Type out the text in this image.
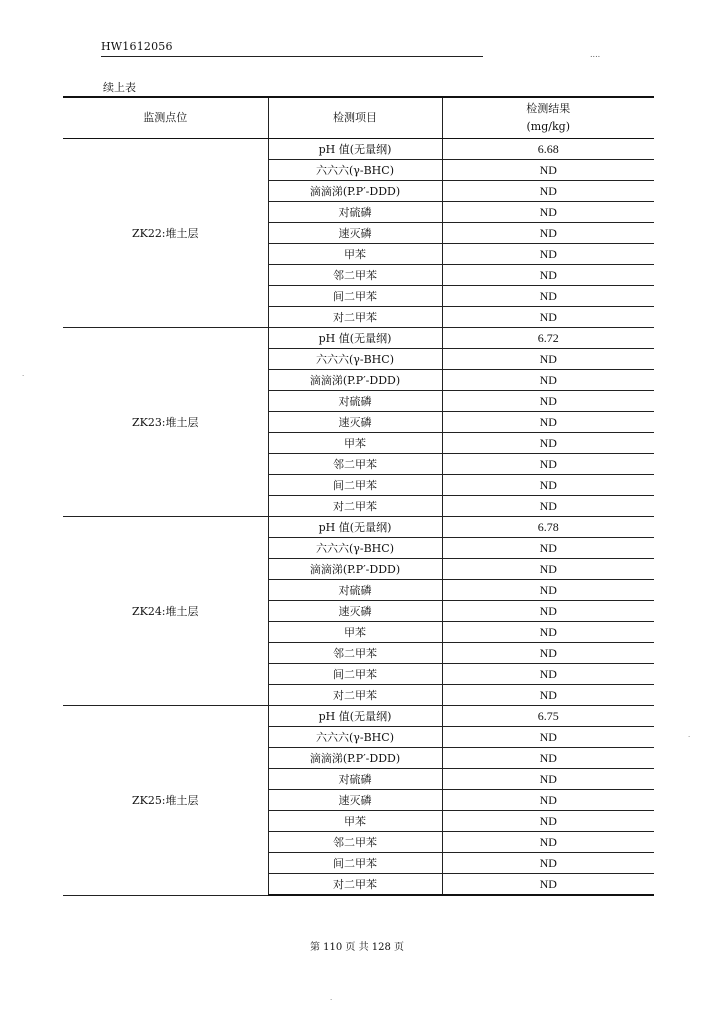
HW1612056
....
续上表
监测点位	检测项目	检测结果
(mg/kg)

ZK22:堆土层	pH 值(无量纲)	6.68
	六六六(γ-BHC)	ND
	滴滴涕(P.P′-DDD)	ND
	对硫磷	ND
	速灭磷	ND
	甲苯	ND
	邻二甲苯	ND
	间二甲苯	ND
	对二甲苯	ND
ZK23:堆土层	pH 值(无量纲)	6.72
	六六六(γ-BHC)	ND
	滴滴涕(P.P′-DDD)	ND
	对硫磷	ND
	速灭磷	ND
	甲苯	ND
	邻二甲苯	ND
	间二甲苯	ND
	对二甲苯	ND
ZK24:堆土层	pH 值(无量纲)	6.78
	六六六(γ-BHC)	ND
	滴滴涕(P.P′-DDD)	ND
	对硫磷	ND
	速灭磷	ND
	甲苯	ND
	邻二甲苯	ND
	间二甲苯	ND
	对二甲苯	ND
ZK25:堆土层	pH 值(无量纲)	6.75
	六六六(γ-BHC)	ND
	滴滴涕(P.P′-DDD)	ND
	对硫磷	ND
	速灭磷	ND
	甲苯	ND
	邻二甲苯	ND
	间二甲苯	ND
	对二甲苯	ND
第 110 页 共 128 页
·
·
·
